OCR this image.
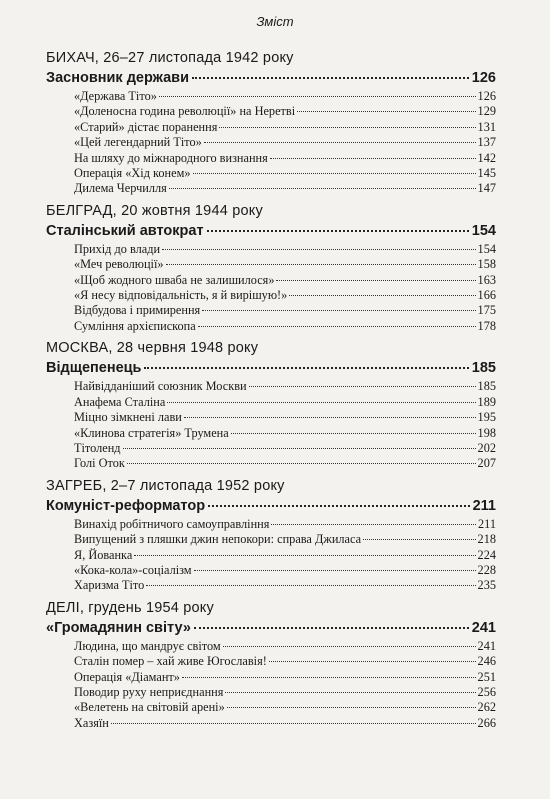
Зміст
БИХАЧ, 26–27 листопада 1942 року
Засновник держави	126
«Держава Тіто»	126
«Доленосна година революції» на Неретві	129
«Старий» дістає поранення	131
«Цей легендарний Тіто»	137
На шляху до міжнародного визнання	142
Операція «Хід конем»	145
Дилема Черчилля	147
БЕЛГРАД, 20 жовтня 1944 року
Сталінський автократ	154
Прихід до влади	154
«Меч революції»	158
«Щоб жодного шваба не залишилося»	163
«Я несу відповідальність, я й вирішую!»	166
Відбудова і примирення	175
Сумління архієпископа	178
МОСКВА, 28 червня 1948 року
Відщепенець	185
Найвідданіший союзник Москви	185
Анафема Сталіна	189
Міцно зімкнені лави	195
«Клинова стратегія» Трумена	198
Тітоленд	202
Голі Оток	207
ЗАГРЕБ, 2–7 листопада 1952 року
Комуніст-реформатор	211
Винахід робітничого самоуправління	211
Випущений з пляшки джин непокори: справа Джиласа	218
Я, Йованка	224
«Кока-кола»-соціалізм	228
Харизма Тіто	235
ДЕЛІ, грудень 1954 року
«Громадянин світу»	241
Людина, що мандрує світом	241
Сталін помер – хай живе Югославія!	246
Операція «Діамант»	251
Поводир руху неприєднання	256
«Велетень на світовій арені»	262
Хазяїн	266
